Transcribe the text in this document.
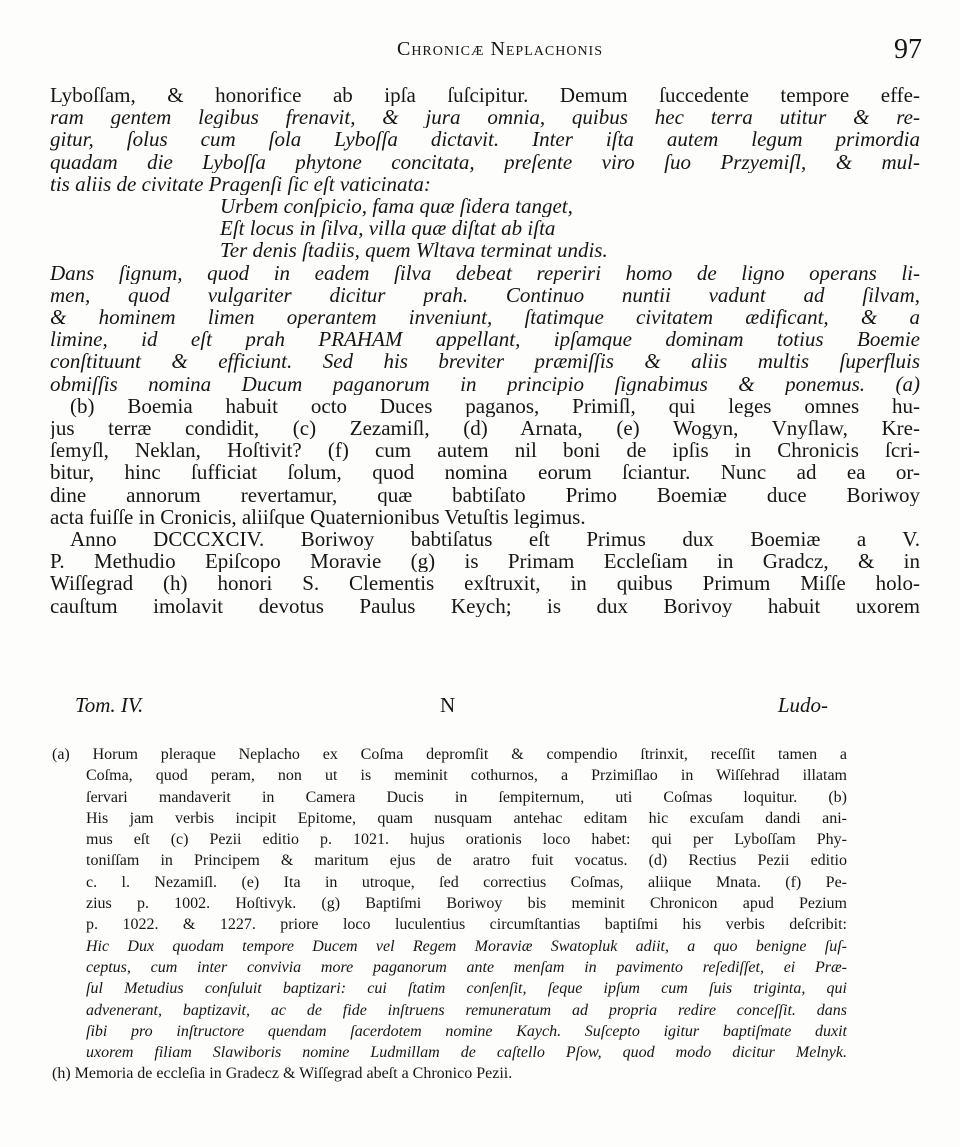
Chronicæ Neplachonis	97
Lyboſſam, & honorifice ab ipſa ſuſcipitur. Demum ſuccedente tempore effe-
ram gentem legibus frenavit, & jura omnia, quibus hec terra utitur & re-
gitur, ſolus cum ſola Lyboſſa dictavit. Inter iſta autem legum primordia
quadam die Lyboſſa phytone concitata, preſente viro ſuo Przyemiſl, & mul-
tis aliis de civitate Pragenſi ſic eſt vaticinata:
Urbem conſpicio, fama quæ ſidera tanget,
Eſt locus in ſilva, villa quæ diſtat ab iſta
Ter denis ſtadiis, quem Wltava terminat undis.
Dans ſignum, quod in eadem ſilva debeat reperiri homo de ligno operans li-
men, quod vulgariter dicitur prah. Continuo nuntii vadunt ad ſilvam,
& hominem limen operantem inveniunt, ſtatimque civitatem ædificant, & a
limine, id eſt prah PRAHAM appellant, ipſamque dominam totius Boemie
conſtituunt & efficiunt. Sed his breviter præmiſſis & aliis multis ſuperfluis
obmiſſis nomina Ducum paganorum in principio ſignabimus & ponemus. (a)
(b) Boemia habuit octo Duces paganos, Primiſl, qui leges omnes hu-
jus terræ condidit, (c) Zezamiſl, (d) Arnata, (e) Wogyn, Vnyſlaw, Kre-
ſemyſl, Neklan, Hoſtivit? (f) cum autem nil boni de ipſis in Chronicis ſcri-
bitur, hinc ſufficiat ſolum, quod nomina eorum ſciantur. Nunc ad ea or-
dine annorum revertamur, quæ babtiſato Primo Boemiæ duce Boriwoy
acta fuiſſe in Cronicis, aliiſque Quaternionibus Vetuſtis legimus.
Anno DCCCXCIV. Boriwoy babtiſatus eſt Primus dux Boemiæ a V.
P. Methudio Epiſcopo Moravie (g) is Primam Eccleſiam in Gradcz, & in
Wiſſegrad (h) honori S. Clementis exſtruxit, in quibus Primum Miſſe holo-
cauſtum imolavit devotus Paulus Keych; is dux Borivoy habuit uxorem
Tom. IV.	N	Ludo-
(a) Horum pleraque Neplacho ex Coſma depromſit & compendio ſtrinxit, receſſit tamen a
Coſma, quod peram, non ut is meminit cothurnos, a Przimiſlao in Wiſſehrad illatam
ſervari mandaverit in Camera Ducis in ſempiternum, uti Coſmas loquitur. (b)
His jam verbis incipit Epitome, quam nusquam antehac editam hic excuſam dandi ani-
mus eſt (c) Pezii editio p. 1021. hujus orationis loco habet: qui per Lyboſſam Phy-
toniſſam in Principem & maritum ejus de aratro fuit vocatus. (d) Rectius Pezii editio
c. l. Nezamiſl. (e) Ita in utroque, ſed correctius Coſmas, aliique Mnata. (f) Pe-
zius p. 1002. Hoſtivyk. (g) Baptiſmi Boriwoy bis meminit Chronicon apud Pezium
p. 1022. & 1227. priore loco luculentius circumſtantias baptiſmi his verbis deſcribit:
Hic Dux quodam tempore Ducem vel Regem Moraviæ Swatopluk adiit, a quo benigne ſuſ-
ceptus, cum inter convivia more paganorum ante menſam in pavimento reſediſſet, ei Præ-
ſul Metudius conſuluit baptizari: cui ſtatim conſenſit, ſeque ipſum cum ſuis triginta, qui
advenerant, baptizavit, ac de fide inſtruens remuneratum ad propria redire conceſſit. dans
ſibi pro inſtructore quendam ſacerdotem nomine Kaych. Suſcepto igitur baptiſmate duxit
uxorem filiam Slawiboris nomine Ludmillam de caſtello Pſow, quod modo dicitur Melnyk.
(h) Memoria de eccleſia in Gradecz & Wiſſegrad abeſt a Chronico Pezii.
